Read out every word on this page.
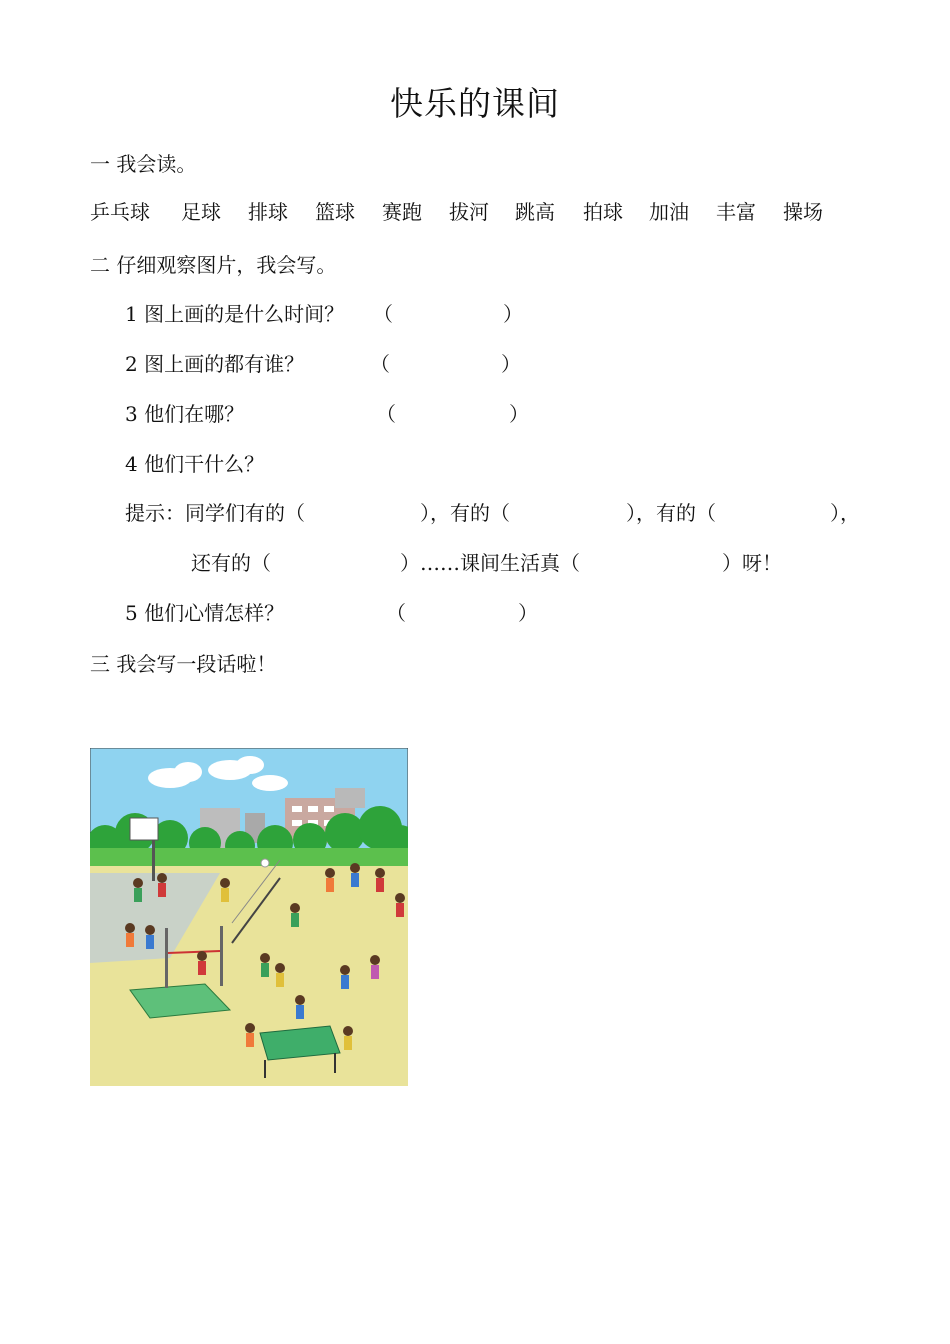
快乐的课间
一 我会读。
乒乓球 足球 排球 篮球 赛跑 拔河 跳高 拍球 加油 丰富 操场
二 仔细观察图片，我会写。
1 图上画的是什么时间？ （	）
2 图上画的都有谁？	（	）
3 他们在哪？	（	）
4 他们干什么？
提示：同学们有的（	），有的（	），有的（	），
还有的（	）……课间生活真（	）呀！
5 他们心情怎样？	（	）
三 我会写一段话啦！
